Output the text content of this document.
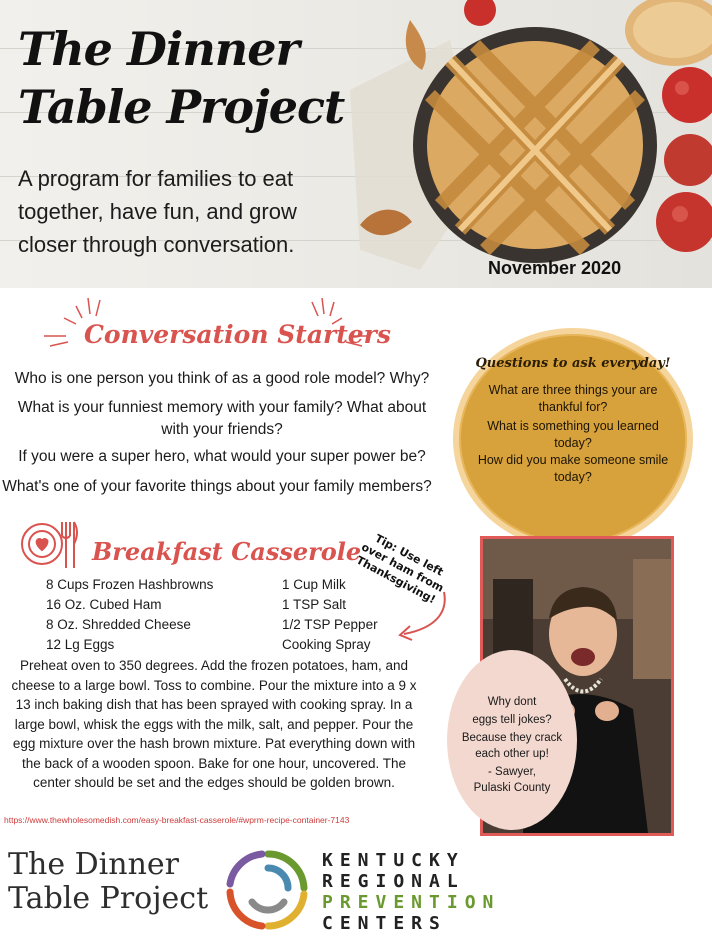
The Dinner
Table Project
A program for families to eat together, have fun, and grow closer through conversation.
November 2020
Conversation Starters
Who is one person you think of as a good role model? Why?
What is your funniest memory with your family? What about with your friends?
If you were a super hero, what would your super power be?
What's one of your favorite things about your family members?
Questions to ask everyday!
What are three things your are thankful for?
What is something you learned today?
How did you make someone smile today?
Breakfast Casserole	Tip: Use left over ham from Thanksgiving!
8 Cups Frozen Hashbrowns
16 Oz. Cubed Ham
8 Oz. Shredded Cheese
12 Lg Eggs
1 Cup Milk
1 TSP Salt
1/2 TSP Pepper
Cooking Spray
Preheat oven to 350 degrees. Add the frozen potatoes, ham, and cheese to a large bowl. Toss to combine. Pour the mixture into a 9 x 13 inch baking dish that has been sprayed with cooking spray. In a large bowl, whisk the eggs with the milk, salt, and pepper. Pour the egg mixture over the hash brown mixture. Pat everything down with the back of a wooden spoon. Bake for one hour, uncovered. The center should be set and the edges should be golden brown.
https://www.thewholesomedish.com/easy-breakfast-casserole/#wprm-recipe-container-7143
Why dont
eggs tell jokes?
Because they crack
each other up!
- Sawyer,
Pulaski County
The Dinner
Table Project
KENTUCKY
REGIONAL
PREVENTION
CENTERS
